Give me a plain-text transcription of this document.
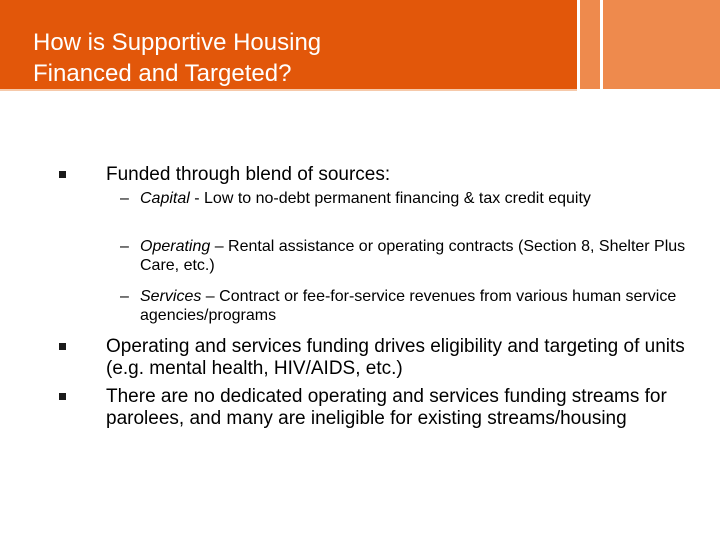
How is Supportive Housing
Financed and Targeted?
Funded through blend of sources:
– Capital - Low to no-debt permanent financing & tax credit equity
– Operating – Rental assistance or operating contracts (Section 8, Shelter Plus Care, etc.)
– Services – Contract or fee-for-service revenues from various human service agencies/programs
Operating and services funding drives eligibility and targeting of units (e.g. mental health, HIV/AIDS, etc.)
There are no dedicated operating and services funding streams for parolees, and many are ineligible for existing streams/housing
